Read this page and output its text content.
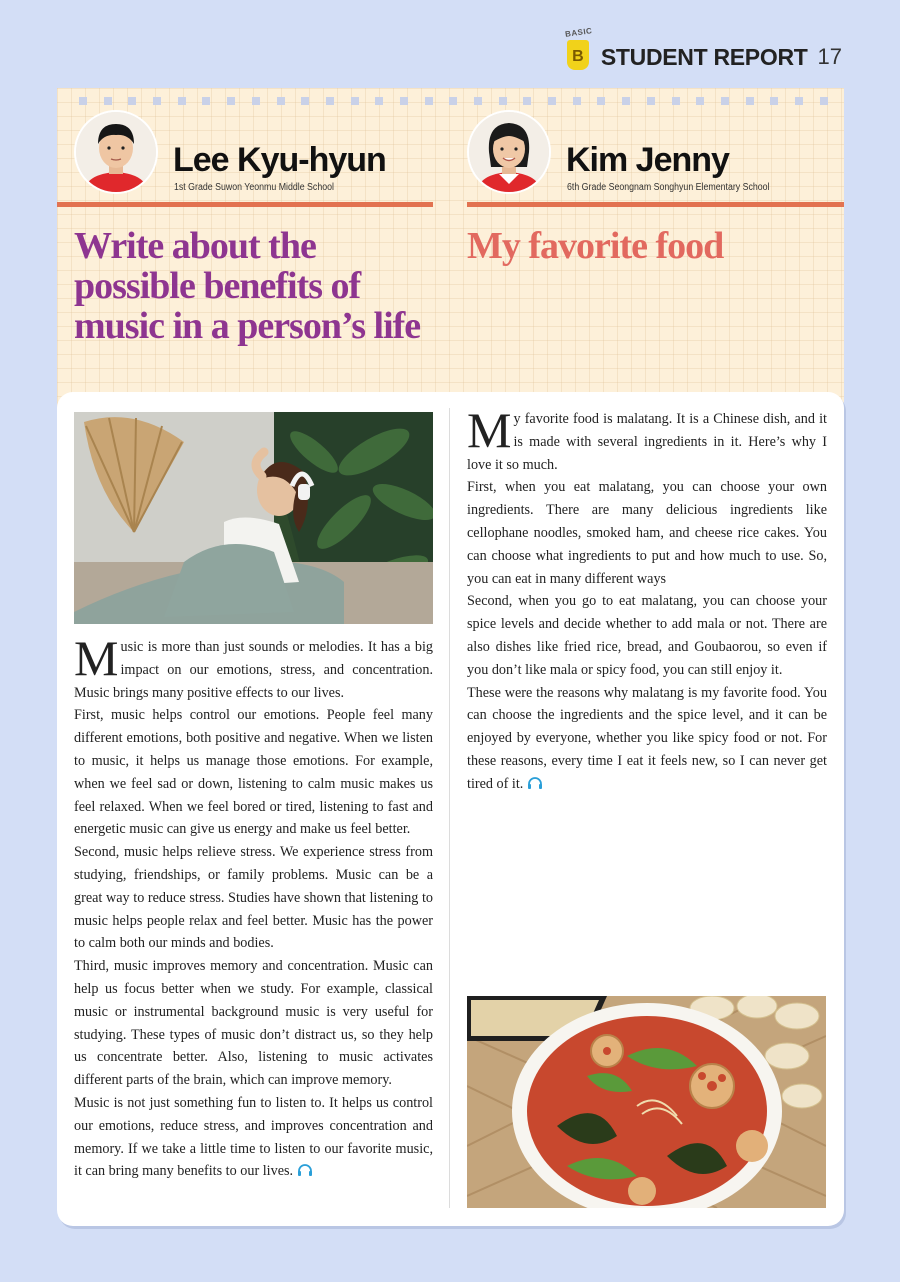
BASIC
B STUDENT REPORT 17
Lee Kyu-hyun
1st Grade Suwon Yeonmu Middle School
Kim Jenny
6th Grade Seongnam Songhyun Elementary School
Write about the possible benefits of music in a person’s life
My favorite food

Music is more than just sounds or melodies. It has a big impact on our emotions, stress, and concentration. Music brings many positive effects to our lives.

First, music helps control our emotions. People feel many different emotions, both positive and negative. When we listen to music, it helps us manage those emotions. For example, when we feel sad or down, listening to calm music makes us feel relaxed. When we feel bored or tired, listening to fast and energetic music can give us energy and make us feel better.

Second, music helps relieve stress. We experience stress from studying, friendships, or family problems. Music can be a great way to reduce stress. Studies have shown that listening to music helps people relax and feel better. Music has the power to calm both our minds and bodies.

Third, music improves memory and concentration. Music can help us focus better when we study. For example, classical music or instrumental background music is very useful for studying. These types of music don’t distract us, so they help us concentrate better. Also, listening to music activates different parts of the brain, which can improve memory.

Music is not just something fun to listen to. It helps us control our emotions, reduce stress, and improves concentration and memory. If we take a little time to listen to our favorite music, it can bring many benefits to our lives.

My favorite food is malatang. It is a Chinese dish, and it is made with several ingredients in it. Here’s why I love it so much.

First, when you eat malatang, you can choose your own ingredients. There are many delicious ingredients like cellophane noodles, smoked ham, and cheese rice cakes. You can choose what ingredients to put and how much to use. So, you can eat in many different ways

Second, when you go to eat malatang, you can choose your spice levels and decide whether to add mala or not. There are also dishes like fried rice, bread, and Goubaorou, so even if you don’t like mala or spicy food, you can still enjoy it.

These were the reasons why malatang is my favorite food. You can choose the ingredients and the spice level, and it can be enjoyed by everyone, whether you like spicy food or not. For these reasons, every time I eat it feels new, so I can never get tired of it.
